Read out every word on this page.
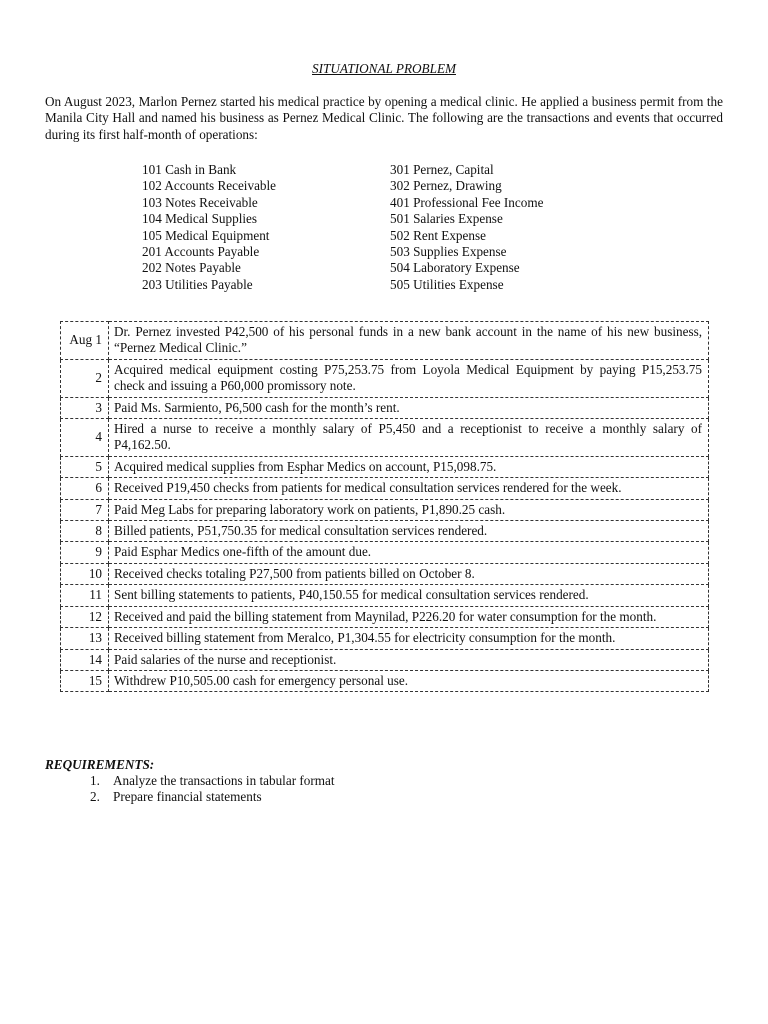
SITUATIONAL PROBLEM
On August 2023, Marlon Pernez started his medical practice by opening a medical clinic. He applied a business permit from the Manila City Hall and named his business as Pernez Medical Clinic. The following are the transactions and events that occurred during its first half-month of operations:
101 Cash in Bank
102 Accounts Receivable
103 Notes Receivable
104 Medical Supplies
105 Medical Equipment
201 Accounts Payable
202 Notes Payable
203 Utilities Payable
301 Pernez, Capital
302 Pernez, Drawing
401 Professional Fee Income
501 Salaries Expense
502 Rent Expense
503 Supplies Expense
504 Laboratory Expense
505 Utilities Expense
Aug 1	Dr. Pernez invested P42,500 of his personal funds in a new bank account in the name of his new business, “Pernez Medical Clinic.”
2	Acquired medical equipment costing P75,253.75 from Loyola Medical Equipment by paying P15,253.75 check and issuing a P60,000 promissory note.
3	Paid Ms. Sarmiento, P6,500 cash for the month’s rent.
4	Hired a nurse to receive a monthly salary of P5,450 and a receptionist to receive a monthly salary of P4,162.50.
5	Acquired medical supplies from Esphar Medics on account, P15,098.75.
6	Received P19,450 checks from patients for medical consultation services rendered for the week.
7	Paid Meg Labs for preparing laboratory work on patients, P1,890.25 cash.
8	Billed patients, P51,750.35 for medical consultation services rendered.
9	Paid Esphar Medics one-fifth of the amount due.
10	Received checks totaling P27,500 from patients billed on October 8.
11	Sent billing statements to patients, P40,150.55 for medical consultation services rendered.
12	Received and paid the billing statement from Maynilad, P226.20 for water consumption for the month.
13	Received billing statement from Meralco, P1,304.55 for electricity consumption for the month.
14	Paid salaries of the nurse and receptionist.
15	Withdrew P10,505.00 cash for emergency personal use.
REQUIREMENTS:
1. Analyze the transactions in tabular format
2. Prepare financial statements
